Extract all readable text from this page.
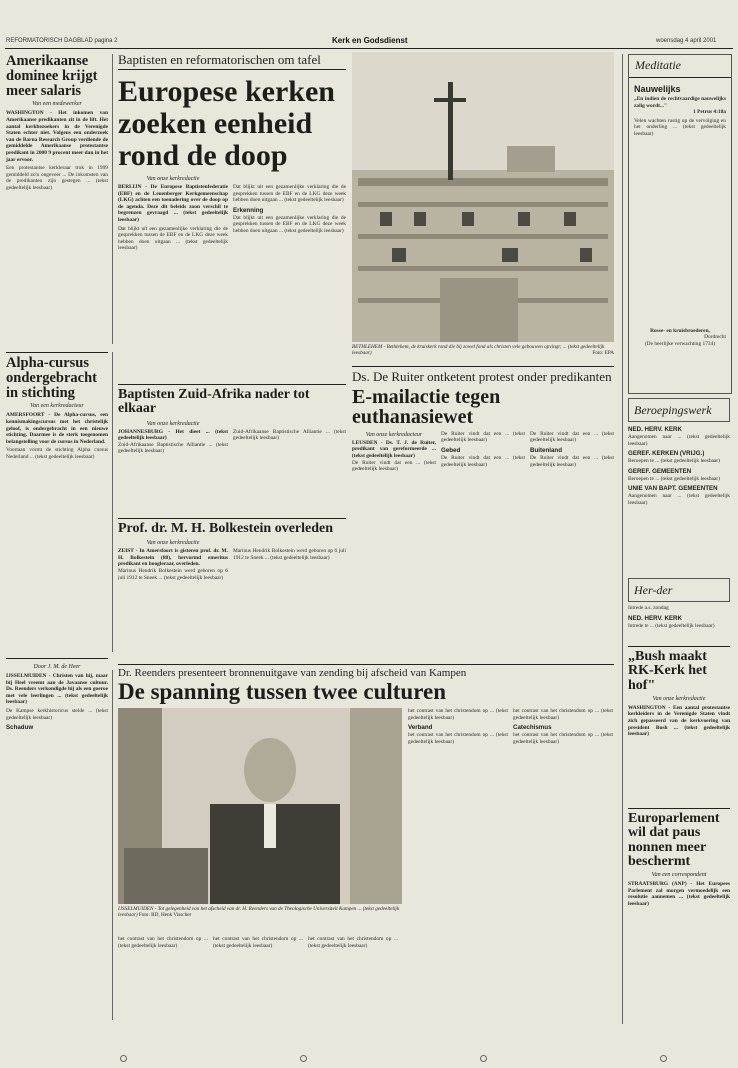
REFORMATORISCH DAGBLAD pagina 2	Kerk en Godsdienst	woensdag 4 april 2001
Amerikaanse dominee krijgt meer salaris
Van een medewerker
WASHINGTON - Het inkomen van Amerikaanse predikanten zit in de lift. Het aantal kerkbezoekers in de Verenigde Staten echter niet. Volgens een onderzoek van de Barna Research Group verdiende de gemiddelde Amerikaanse protestantse predikant in 2000 9 procent meer dan in het jaar ervoor.
Een protestantse kerkleraar trok in 1999 gemiddeld zo'n ongeveer ... De inkomsten van de predikanten zijn gestegen ... (tekst gedeeltelijk leesbaar)
Alpha-cursus ondergebracht in stichting
Van een kerkredacteur
AMERSFOORT - De Alpha-cursus, een kennismakingscursus met het christelijk geloof, is ondergebracht in een nieuwe stichting. Daarmee is de sterk toegenomen belangstelling voor de cursus in Nederland.
Voortaan vormt de stichting Alpha cursus Nederland ... (tekst gedeeltelijk leesbaar)
Door J. M. de Heer
IJSSELMUIDEN - Christen van hij, maar bij Heel vreemt aan de Javaanse cultuur. Ds. Reenders verkondigde hij als een goeroe met vele leerlingen ... (tekst gedeeltelijk leesbaar)
De Kampse kerkhistoricus stelde ... (tekst gedeeltelijk leesbaar)
Schaduw
Baptisten en reformatorischen om tafel
Europese kerken zoeken eenheid rond de doop
Van onze kerkredactie
BERLIJN - De Europese Baptistenfederatie (EBF) en de Leuenberger Kerkgemeenschap (LKG) achten een toenadering over de doop op de agenda. Deze dit beleids zoon verschil te begrenzen gevraagd ... (tekst gedeeltelijk leesbaar)
Dat blijkt uit een gezamenlijke verklaring die de gesprekken tussen de EBF en de LKG deze week hebben doen uitgaan ... (tekst gedeeltelijk leesbaar)
Dat blijkt uit een gezamenlijke verklaring die de gesprekken tussen de EBF en de LKG deze week hebben doen uitgaan ... (tekst gedeeltelijk leesbaar)
Erkenning
Dat blijkt uit een gezamenlijke verklaring die de gesprekken tussen de EBF en de LKG deze week hebben doen uitgaan ... (tekst gedeeltelijk leesbaar)
BETHLEHEM - Bethlehem, de kruiskerk rond die bij zowel fond als christen vele gebouwen opvingt; ... (tekst gedeeltelijk leesbaar)	Foto: EPA
Baptisten Zuid-Afrika nader tot elkaar
Van onze kerkredactie
JOHANNESBURG - Het dieet ... (tekst gedeeltelijk leesbaar)
Zuid-Afrikaanse Baptistische Alliantie ... (tekst gedeeltelijk leesbaar)
Zuid-Afrikaanse Baptistische Alliantie ... (tekst gedeeltelijk leesbaar)
Prof. dr. M. H. Bolkestein overleden
Van onze kerkredactie
ZEIST - In Amersfoort is gisteren prof. dr. M. H. Bolkestein (88), hervormd emeritus predikant en hoogleraar, overleden.
Marinus Hendrik Bolkestein werd geboren op 6 juli 1912 te Sneek ... (tekst gedeeltelijk leesbaar)
Marinus Hendrik Bolkestein werd geboren op 6 juli 1912 te Sneek ... (tekst gedeeltelijk leesbaar)
Ds. De Ruiter ontketent protest onder predikanten
E-mailactie tegen euthanasiewet
Van onze kerkredacteur
LEUSDEN - Ds. T. J. de Ruiter, predikant van gereformeerde ... (tekst gedeeltelijk leesbaar)
De Ruiter vindt dat een ... (tekst gedeeltelijk leesbaar)
De Ruiter vindt dat een ... (tekst gedeeltelijk leesbaar)
Gebed
De Ruiter vindt dat een ... (tekst gedeeltelijk leesbaar)
De Ruiter vindt dat een ... (tekst gedeeltelijk leesbaar)
Buitenland
De Ruiter vindt dat een ... (tekst gedeeltelijk leesbaar)
Dr. Reenders presenteert bronnenuitgave van zending bij afscheid van Kampen
De spanning tussen twee culturen
IJSSELMUIDEN - Tot gelegenheid van het afscheid van dr. H. Reenders van de Theologische Universiteit Kampen ... (tekst gedeeltelijk leesbaar) Foto: RD, Henk Visscher
het contrast van het christendom op ... (tekst gedeeltelijk leesbaar)
het contrast van het christendom op ... (tekst gedeeltelijk leesbaar)
het contrast van het christendom op ... (tekst gedeeltelijk leesbaar)
het contrast van het christendom op ... (tekst gedeeltelijk leesbaar)
Verband
het contrast van het christendom op ... (tekst gedeeltelijk leesbaar)
het contrast van het christendom op ... (tekst gedeeltelijk leesbaar)
Catechismus
het contrast van het christendom op ... (tekst gedeeltelijk leesbaar)
Meditatie
Nauwelijks
„En indien de rechtvaardige nauwelijks zalig wordt..."
1 Petrus 4:18a
Velen wachten rustig op de vervolging en het onderling ... (tekst gedeeltelijk leesbaar)
Rosse- en kruisbroederen,
Dordrecht
(De heerlijke verwachting 1734)
Beroepingswerk
NED. HERV. KERK
Aangenomen naar ... (tekst gedeeltelijk leesbaar)
GEREF. KERKEN (VRIJG.)
Beroepen te ... (tekst gedeeltelijk leesbaar)
GEREF. GEMEENTEN
Beroepen te ... (tekst gedeeltelijk leesbaar)
UNIE VAN BAPT. GEMEENTEN
Aangenomen naar ... (tekst gedeeltelijk leesbaar)
Her-der
Intrede a.s. zondag
NED. HERV. KERK
Intrede te ... (tekst gedeeltelijk leesbaar)
„Bush maakt RK-Kerk het hof"
Van onze kerkredactie
WASHINGTON - Een aantal protestantse kerkleiders in de Verenigde Staten vindt zich gepasseerd van de kerkvoering van president Bush ... (tekst gedeeltelijk leesbaar)
Europarlement wil dat paus nonnen meer beschermt
Van een correspondent
STRAATSBURG (ANP) - Het Europees Parlement zal morgen vermoedelijk een resolutie aannemen ... (tekst gedeeltelijk leesbaar)
